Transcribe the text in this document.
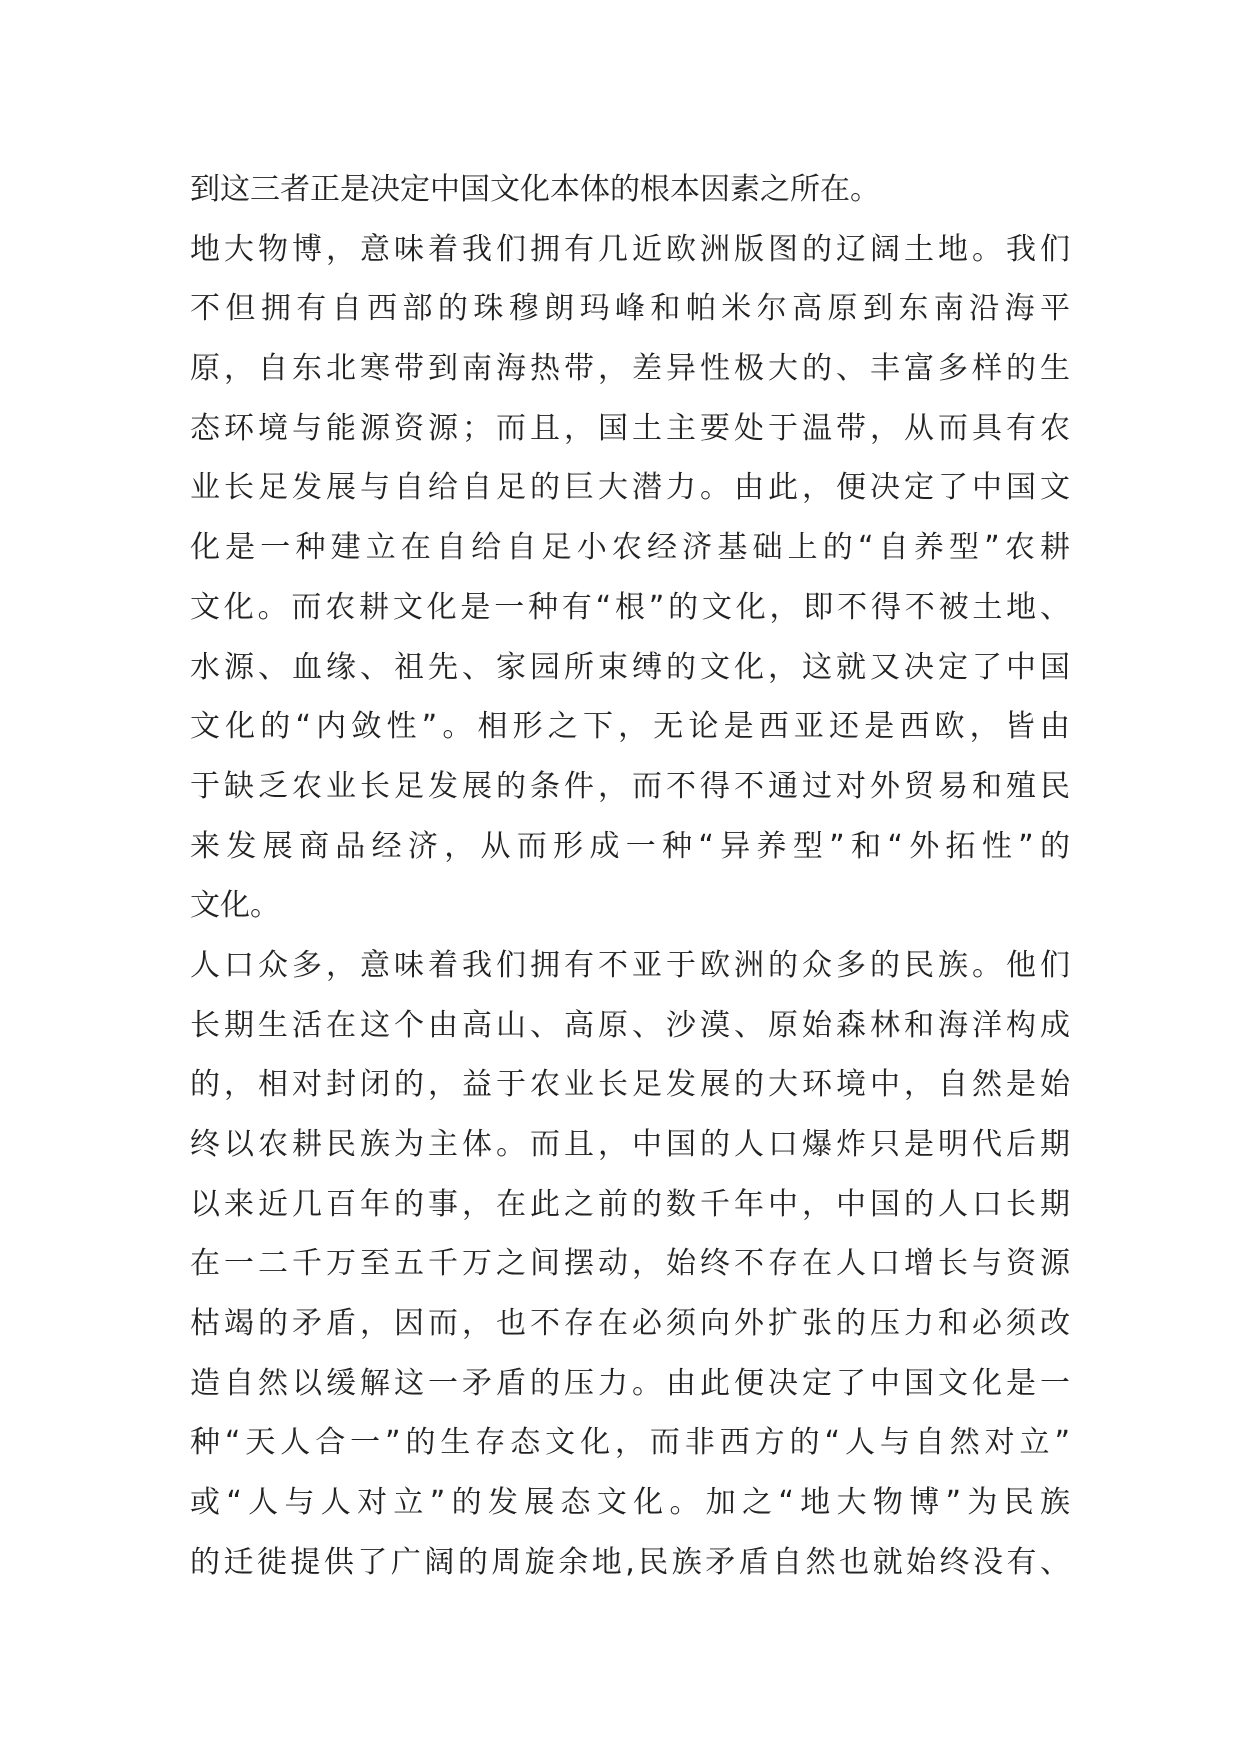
到这三者正是决定中国文化本体的根本因素之所在。
地大物博，意味着我们拥有几近欧洲版图的辽阔土地。我们
不但拥有自西部的珠穆朗玛峰和帕米尔高原到东南沿海平
原，自东北寒带到南海热带，差异性极大的、丰富多样的生
态环境与能源资源；而且，国土主要处于温带，从而具有农
业长足发展与自给自足的巨大潜力。由此，便决定了中国文
化是一种建立在自给自足小农经济基础上的“自养型”农耕
文化。而农耕文化是一种有“根”的文化，即不得不被土地、
水源、血缘、祖先、家园所束缚的文化，这就又决定了中国
文化的“内敛性”。相形之下，无论是西亚还是西欧，皆由
于缺乏农业长足发展的条件，而不得不通过对外贸易和殖民
来发展商品经济，从而形成一种“异养型”和“外拓性”的
文化。
人口众多，意味着我们拥有不亚于欧洲的众多的民族。他们
长期生活在这个由高山、高原、沙漠、原始森林和海洋构成
的，相对封闭的，益于农业长足发展的大环境中，自然是始
终以农耕民族为主体。而且，中国的人口爆炸只是明代后期
以来近几百年的事，在此之前的数千年中，中国的人口长期
在一二千万至五千万之间摆动，始终不存在人口增长与资源
枯竭的矛盾，因而，也不存在必须向外扩张的压力和必须改
造自然以缓解这一矛盾的压力。由此便决定了中国文化是一
种“天人合一”的生存态文化，而非西方的“人与自然对立”
或“人与人对立”的发展态文化。加之“地大物博”为民族
的迁徙提供了广阔的周旋余地,民族矛盾自然也就始终没有、
